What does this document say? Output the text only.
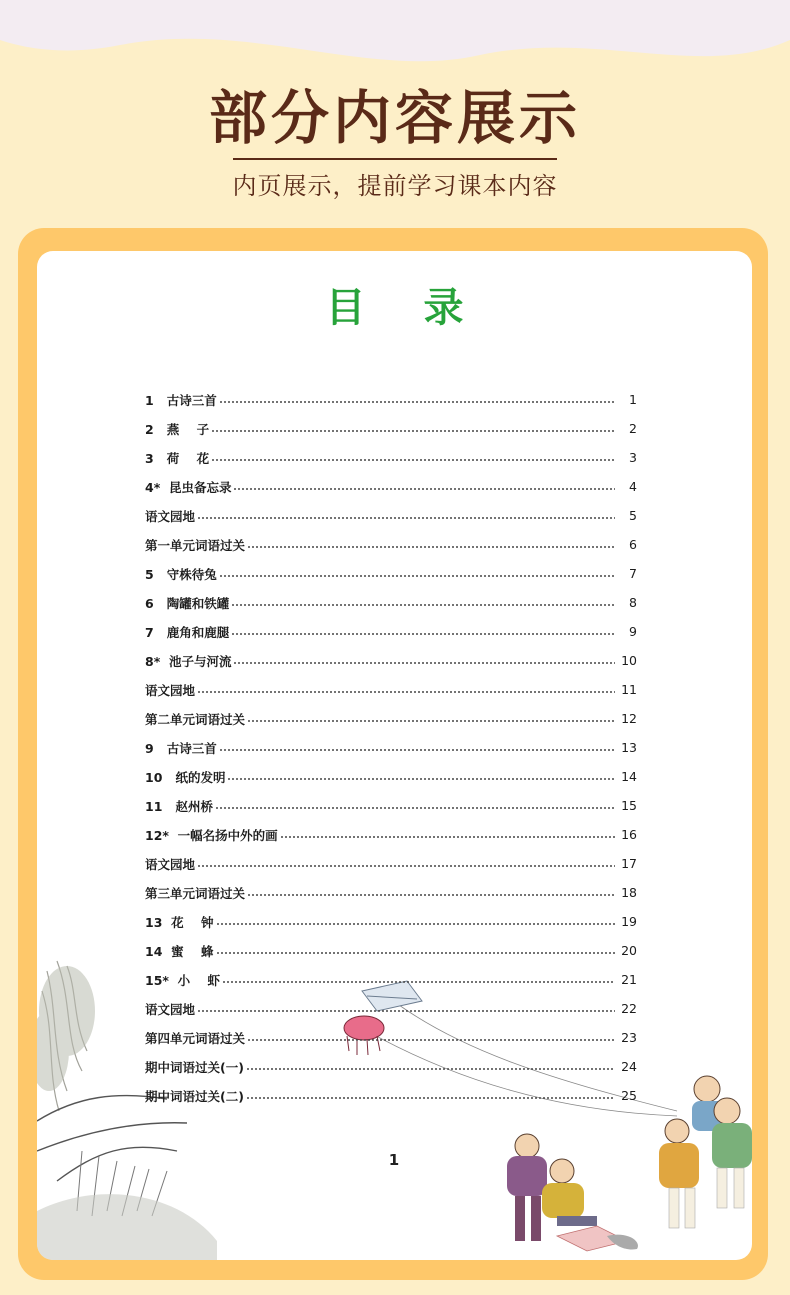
部分内容展示
内页展示，提前学习课本内容
目 录
1   古诗三首	1
2   燕    子	2
3   荷    花	3
4*  昆虫备忘录	4
语文园地	5
第一单元词语过关	6
5   守株待兔	7
6   陶罐和铁罐	8
7   鹿角和鹿腿	9
8*  池子与河流	10
语文园地	11
第二单元词语过关	12
9   古诗三首	13
10   纸的发明	14
11   赵州桥	15
12*  一幅名扬中外的画	16
语文园地	17
第三单元词语过关	18
13  花    钟	19
14  蜜    蜂	20
15*  小    虾	21
语文园地	22
第四单元词语过关	23
期中词语过关(一)	24
期中词语过关(二)	25
1
